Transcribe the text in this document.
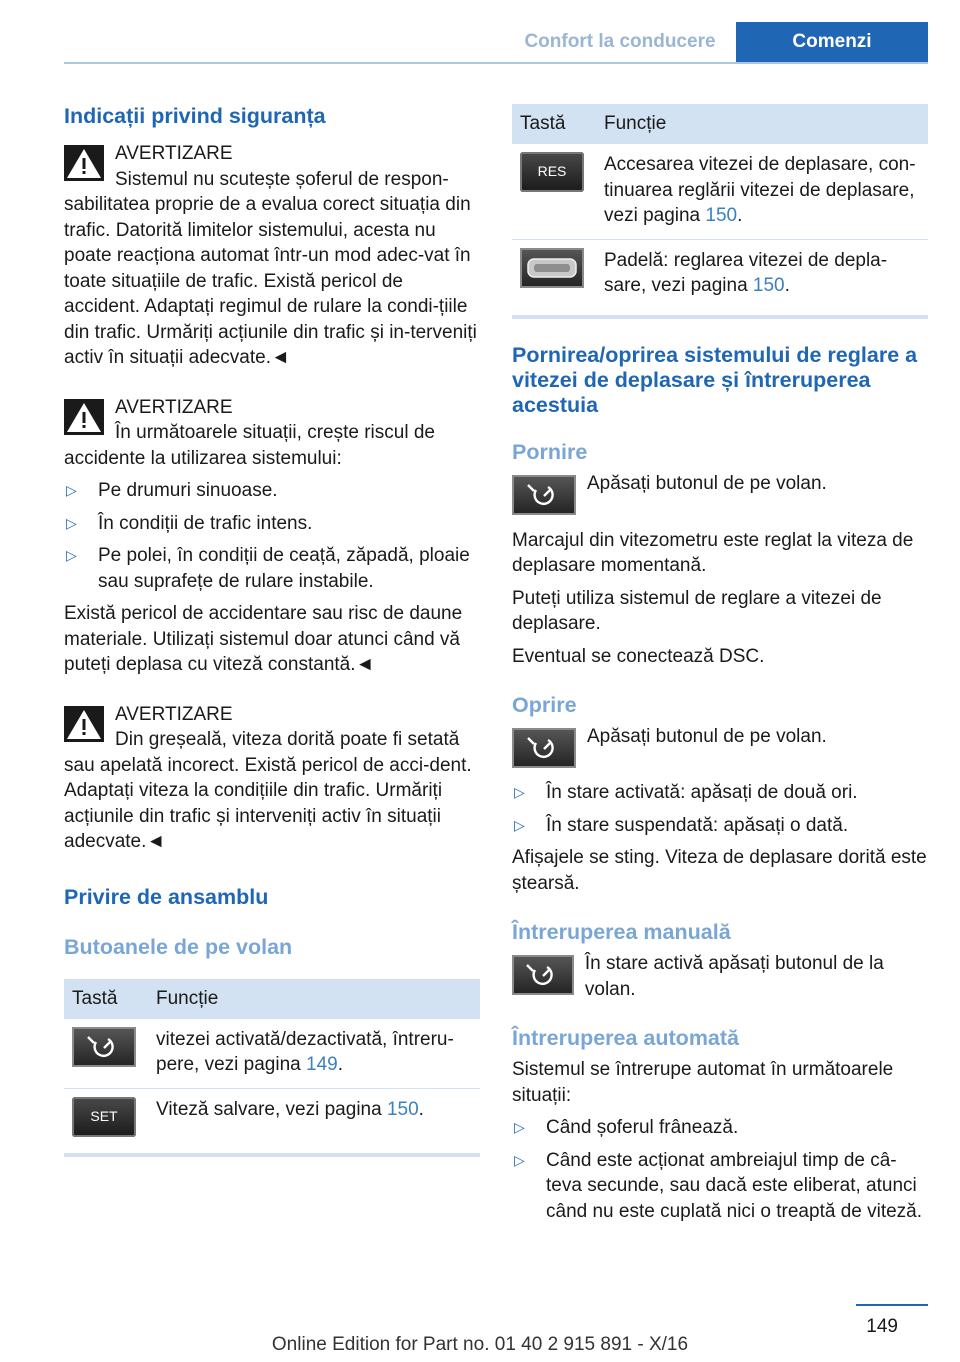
Confort la conducere	Comenzi
Indicații privind siguranța

AVERTIZARE

Sistemul nu scutește șoferul de respon-

sabilitatea proprie de a evalua corect situația din trafic. Datorită limitelor sistemului, acesta nu poate reacționa automat într-un mod adec-vat în toate situațiile de trafic. Există pericol de accident. Adaptați regimul de rulare la condi-țiile din trafic. Urmăriți acțiunile din trafic și in-terveniți activ în situații adecvate.◄

AVERTIZARE

În următoarele situații, crește riscul de

accidente la utilizarea sistemului:

▷ Pe drumuri sinuoase.
▷ În condiții de trafic intens.
▷ Pe polei, în condiții de ceață, zăpadă, ploaie sau suprafețe de rulare instabile.

Există pericol de accidentare sau risc de daune materiale. Utilizați sistemul doar atunci când vă puteți deplasa cu viteză constantă.◄

AVERTIZARE

Din greșeală, viteza dorită poate fi setată

sau apelată incorect. Există pericol de acci-dent. Adaptați viteza la condițiile din trafic. Urmăriți acțiunile din trafic și interveniți activ în situații adecvate.◄

Privire de ansamblu
Butoanele de pe volan
Tastă	Funcție

	vitezei activată/dezactivată, întreru-pere, vezi pagina 149.

SET	Viteză salvare, vezi pagina 150.
Tastă	Funcție

RES	Accesarea vitezei de deplasare, con-tinuarea reglării vitezei de deplasare, vezi pagina 150.

	Padelă: reglarea vitezei de depla-sare, vezi pagina 150.
Pornirea/oprirea sistemului de reglare a vitezei de deplasare și întreruperea acestuia
Pornire

Apăsați butonul de pe volan.

Marcajul din vitezometru este reglat la viteza de deplasare momentană.

Puteți utiliza sistemul de reglare a vitezei de deplasare.

Eventual se conectează DSC.

Oprire

Apăsați butonul de pe volan.

▷ În stare activată: apăsați de două ori.
▷ În stare suspendată: apăsați o dată.

Afișajele se sting. Viteza de deplasare dorită este ștearsă.

Întreruperea manuală

În stare activă apăsați butonul de la volan.

Întreruperea automată

Sistemul se întrerupe automat în următoarele situații:

▷ Când șoferul frânează.
▷ Când este acționat ambreiajul timp de câ-teva secunde, sau dacă este eliberat, atunci când nu este cuplată nici o treaptă de viteză.
149
Online Edition for Part no. 01 40 2 915 891 - X/16
